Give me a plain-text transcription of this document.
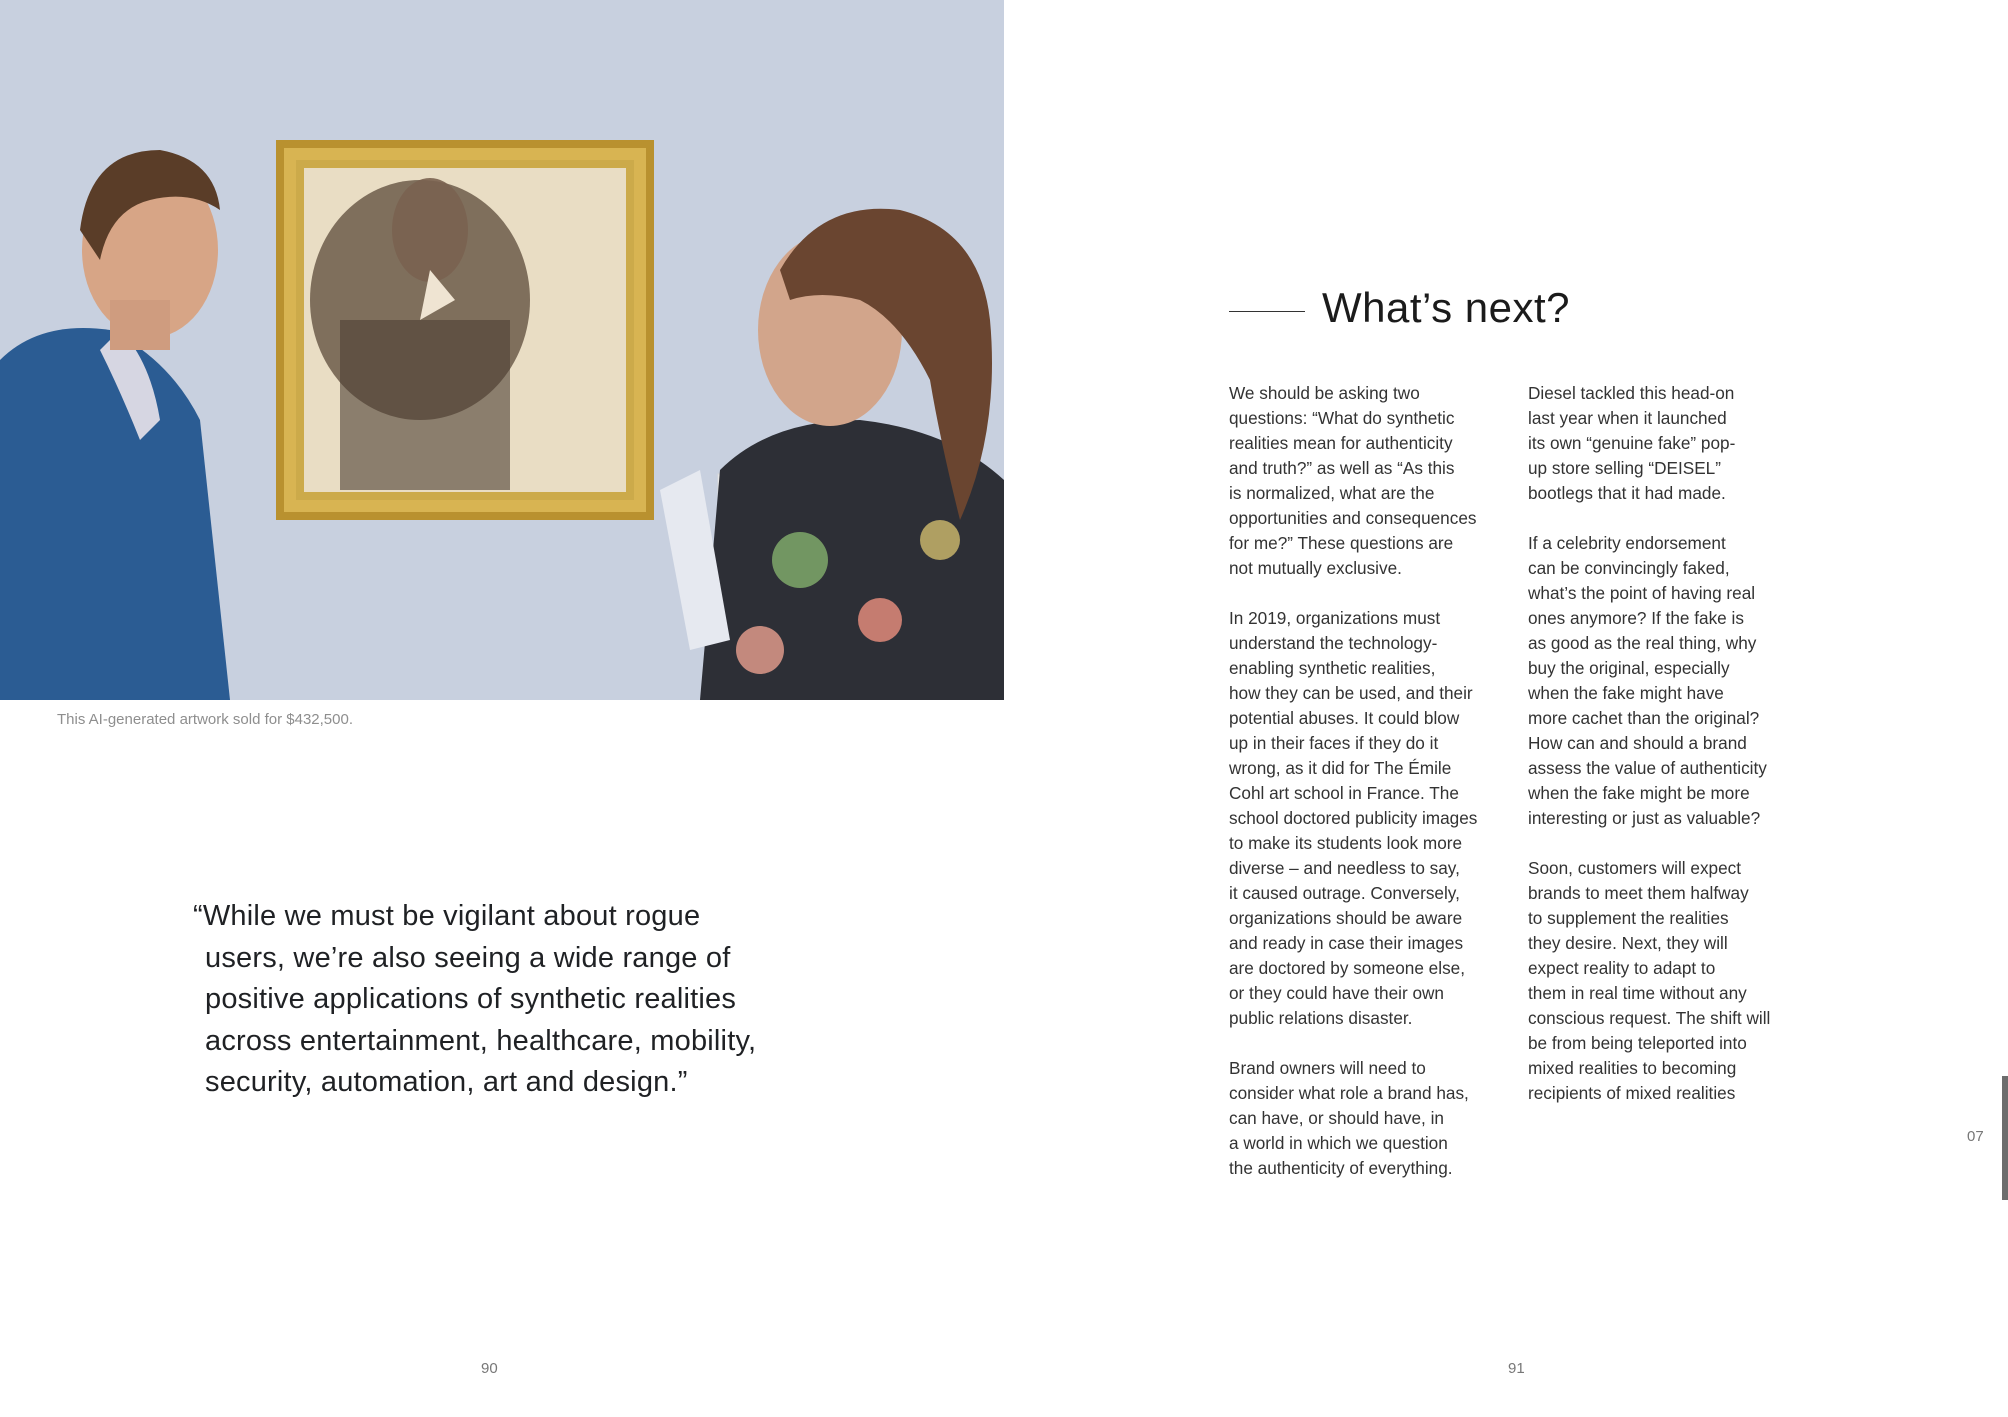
This AI-generated artwork sold for $432,500.
“While we must be vigilant about rogue
users, we’re also seeing a wide range of
positive applications of synthetic realities
across entertainment, healthcare, mobility,
security, automation, art and design.”
What’s next?
We should be asking two
questions: “What do synthetic
realities mean for authenticity
and truth?” as well as “As this
is normalized, what are the
opportunities and consequences
for me?” These questions are
not mutually exclusive.
In 2019, organizations must
understand the technology-
enabling synthetic realities,
how they can be used, and their
potential abuses. It could blow
up in their faces if they do it
wrong, as it did for The Émile
Cohl art school in France. The
school doctored publicity images
to make its students look more
diverse – and needless to say,
it caused outrage. Conversely,
organizations should be aware
and ready in case their images
are doctored by someone else,
or they could have their own
public relations disaster.
Brand owners will need to
consider what role a brand has,
can have, or should have, in
a world in which we question
the authenticity of everything.
Diesel tackled this head-on
last year when it launched
its own “genuine fake” pop-
up store selling “DEISEL”
bootlegs that it had made.
If a celebrity endorsement
can be convincingly faked,
what’s the point of having real
ones anymore? If the fake is
as good as the real thing, why
buy the original, especially
when the fake might have
more cachet than the original?
How can and should a brand
assess the value of authenticity
when the fake might be more
interesting or just as valuable?
Soon, customers will expect
brands to meet them halfway
to supplement the realities
they desire. Next, they will
expect reality to adapt to
them in real time without any
conscious request. The shift will
be from being teleported into
mixed realities to becoming
recipients of mixed realities
90	91
07
